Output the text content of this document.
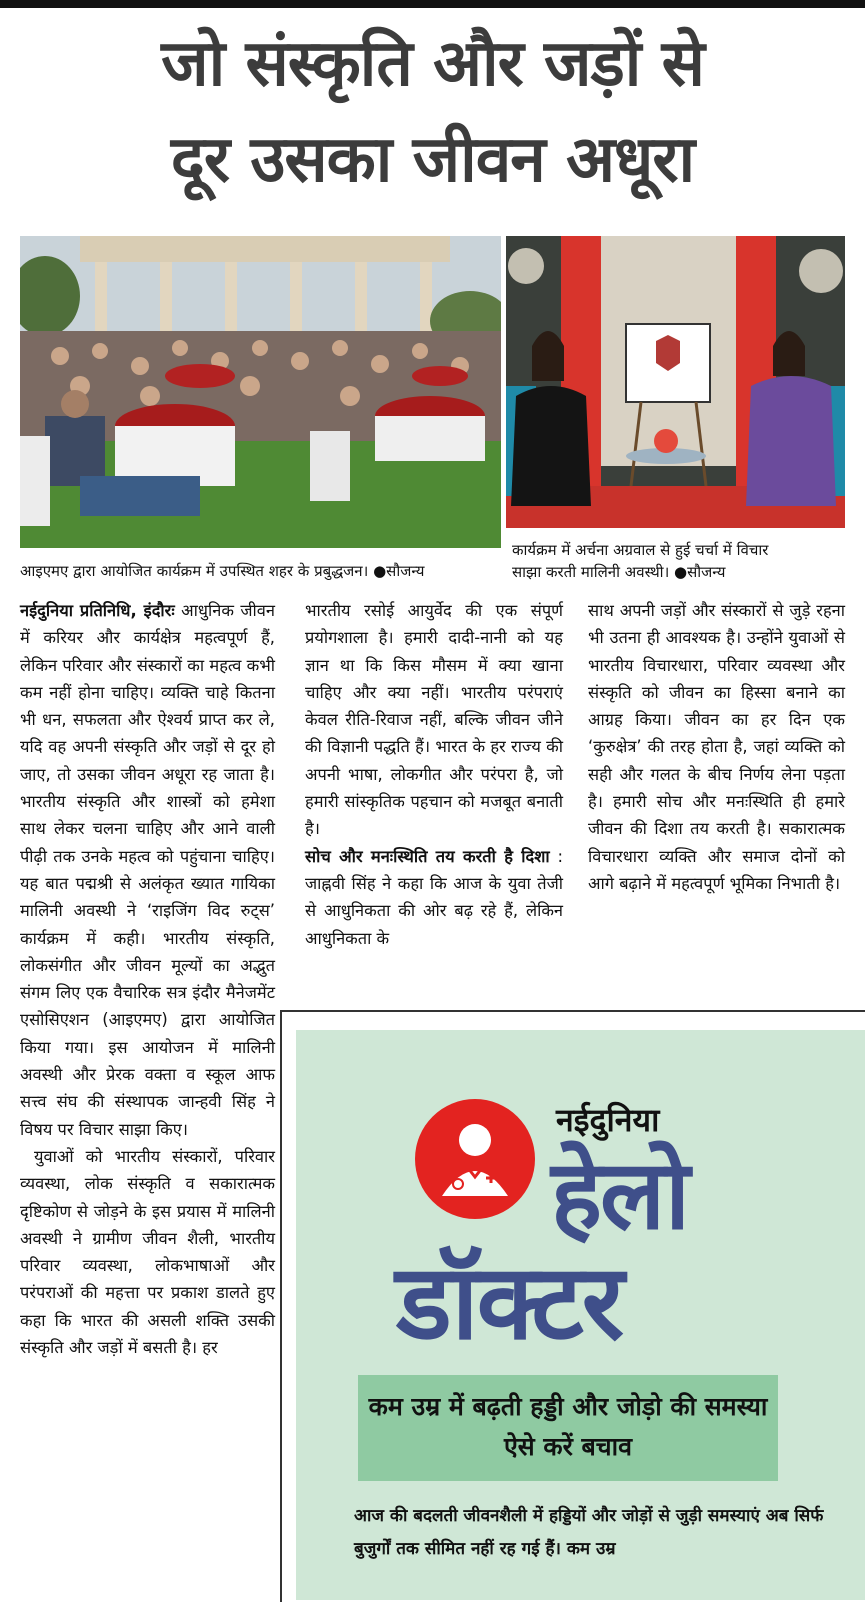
जो संस्कृति और जड़ों से
दूर उसका जीवन अधूरा
आइएमए द्वारा आयोजित कार्यक्रम में उपस्थित शहर के प्रबुद्धजन। ●सौजन्य
कार्यक्रम में अर्चना अग्रवाल से हुई चर्चा में विचार
साझा करती मालिनी अवस्थी। ●सौजन्य

नईदुनिया प्रतिनिधि, इंदौरः आधुनिक जीवन में करियर और कार्यक्षेत्र महत्वपूर्ण हैं, लेकिन परिवार और संस्कारों का महत्व कभी कम नहीं होना चाहिए। व्यक्ति चाहे कितना भी धन, सफलता और ऐश्वर्य प्राप्त कर ले, यदि वह अपनी संस्कृति और जड़ों से दूर हो जाए, तो उसका जीवन अधूरा रह जाता है। भारतीय संस्कृति और शास्त्रों को हमेशा साथ लेकर चलना चाहिए और आने वाली पीढ़ी तक उनके महत्व को पहुंचाना चाहिए। यह बात पद्मश्री से अलंकृत ख्यात गायिका मालिनी अवस्थी ने ‘राइजिंग विद रुट्स’ कार्यक्रम में कही। भारतीय संस्कृति, लोकसंगीत और जीवन मूल्यों का अद्भुत संगम लिए एक वैचारिक सत्र इंदौर मैनेजमेंट एसोसिएशन (आइएमए) द्वारा आयोजित किया गया। इस आयोजन में मालिनी अवस्थी और प्रेरक वक्ता व स्कूल आफ सत्त्व संघ की संस्थापक जान्हवी सिंह ने विषय पर विचार साझा किए।

युवाओं को भारतीय संस्कारों, परिवार व्यवस्था, लोक संस्कृति व सकारात्मक दृष्टिकोण से जोड़ने के इस प्रयास में मालिनी अवस्थी ने ग्रामीण जीवन शैली, भारतीय परिवार व्यवस्था, लोकभाषाओं और परंपराओं की महत्ता पर प्रकाश डालते हुए कहा कि भारत की असली शक्ति उसकी संस्कृति और जड़ों में बसती है। हर

भारतीय रसोई आयुर्वेद की एक संपूर्ण प्रयोगशाला है। हमारी दादी-नानी को यह ज्ञान था कि किस मौसम में क्या खाना चाहिए और क्या नहीं। भारतीय परंपराएं केवल रीति-रिवाज नहीं, बल्कि जीवन जीने की विज्ञानी पद्धति हैं। भारत के हर राज्य की अपनी भाषा, लोकगीत और परंपरा है, जो हमारी सांस्कृतिक पहचान को मजबूत बनाती है।

सोच और मनःस्थिति तय करती है दिशा : जाह्नवी सिंह ने कहा कि आज के युवा तेजी से आधुनिकता की ओर बढ़ रहे हैं, लेकिन आधुनिकता के

साथ अपनी जड़ों और संस्कारों से जुड़े रहना भी उतना ही आवश्यक है। उन्होंने युवाओं से भारतीय विचारधारा, परिवार व्यवस्था और संस्कृति को जीवन का हिस्सा बनाने का आग्रह किया। जीवन का हर दिन एक ‘कुरुक्षेत्र’ की तरह होता है, जहां व्यक्ति को सही और गलत के बीच निर्णय लेना पड़ता है। हमारी सोच और मनःस्थिति ही हमारे जीवन की दिशा तय करती है। सकारात्मक विचारधारा व्यक्ति और समाज दोनों को आगे बढ़ाने में महत्वपूर्ण भूमिका निभाती है।

नईदुनिया
हेलो
डॉक्टर
कम उम्र में बढ़ती हड्डी और जोड़ो की समस्या
ऐसे करें बचाव
आज की बदलती जीवनशैली में हड्डियों और जोड़ों से जुड़ी समस्याएं अब सिर्फ बुजुर्गों तक सीमित नहीं रह गई हैं। कम उम्र
